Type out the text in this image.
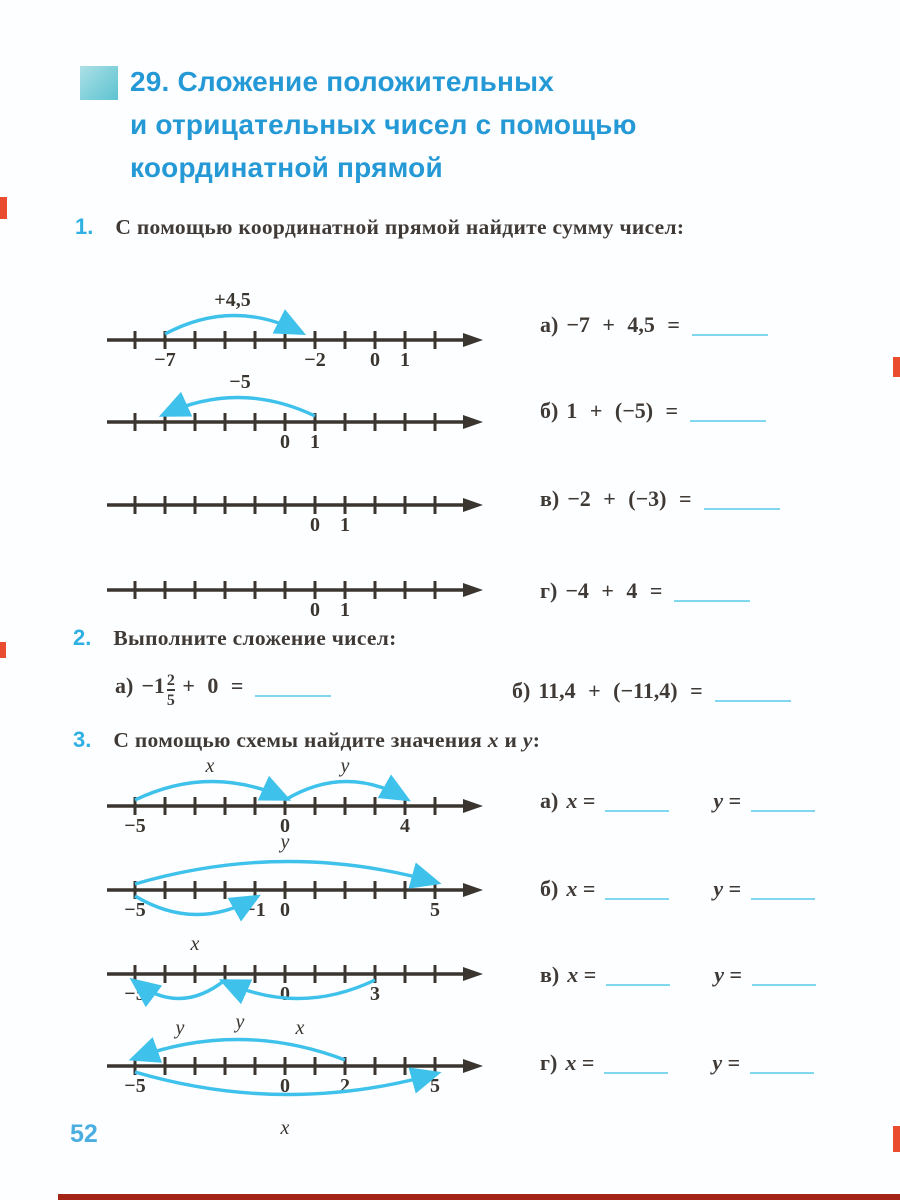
29. Сложение положительных
и отрицательных чисел с помощью
координатной прямой
1. С помощью координатной прямой найдите сумму чисел:
−7	−2 0 1
+4,5
а) −7 + 4,5 =
0 1
−5
б) 1 + (−5) =
0 1
в) −2 + (−3) =
0 1
г) −4 + 4 =
2. Выполните сложение чисел:
$а) -1 \frac{2}{5} + 0$ =	б) 11,4 + (−11,4) =
3. С помощью схемы найдите значения x и y:
−5	0	4
x	y
а) x =	y =
−5	−1 0	5
y
x
б) x =	y =
−5	0	3
x
y
в) x =	y =
−5	0	2	5
y
x
г) x =	y =
52
